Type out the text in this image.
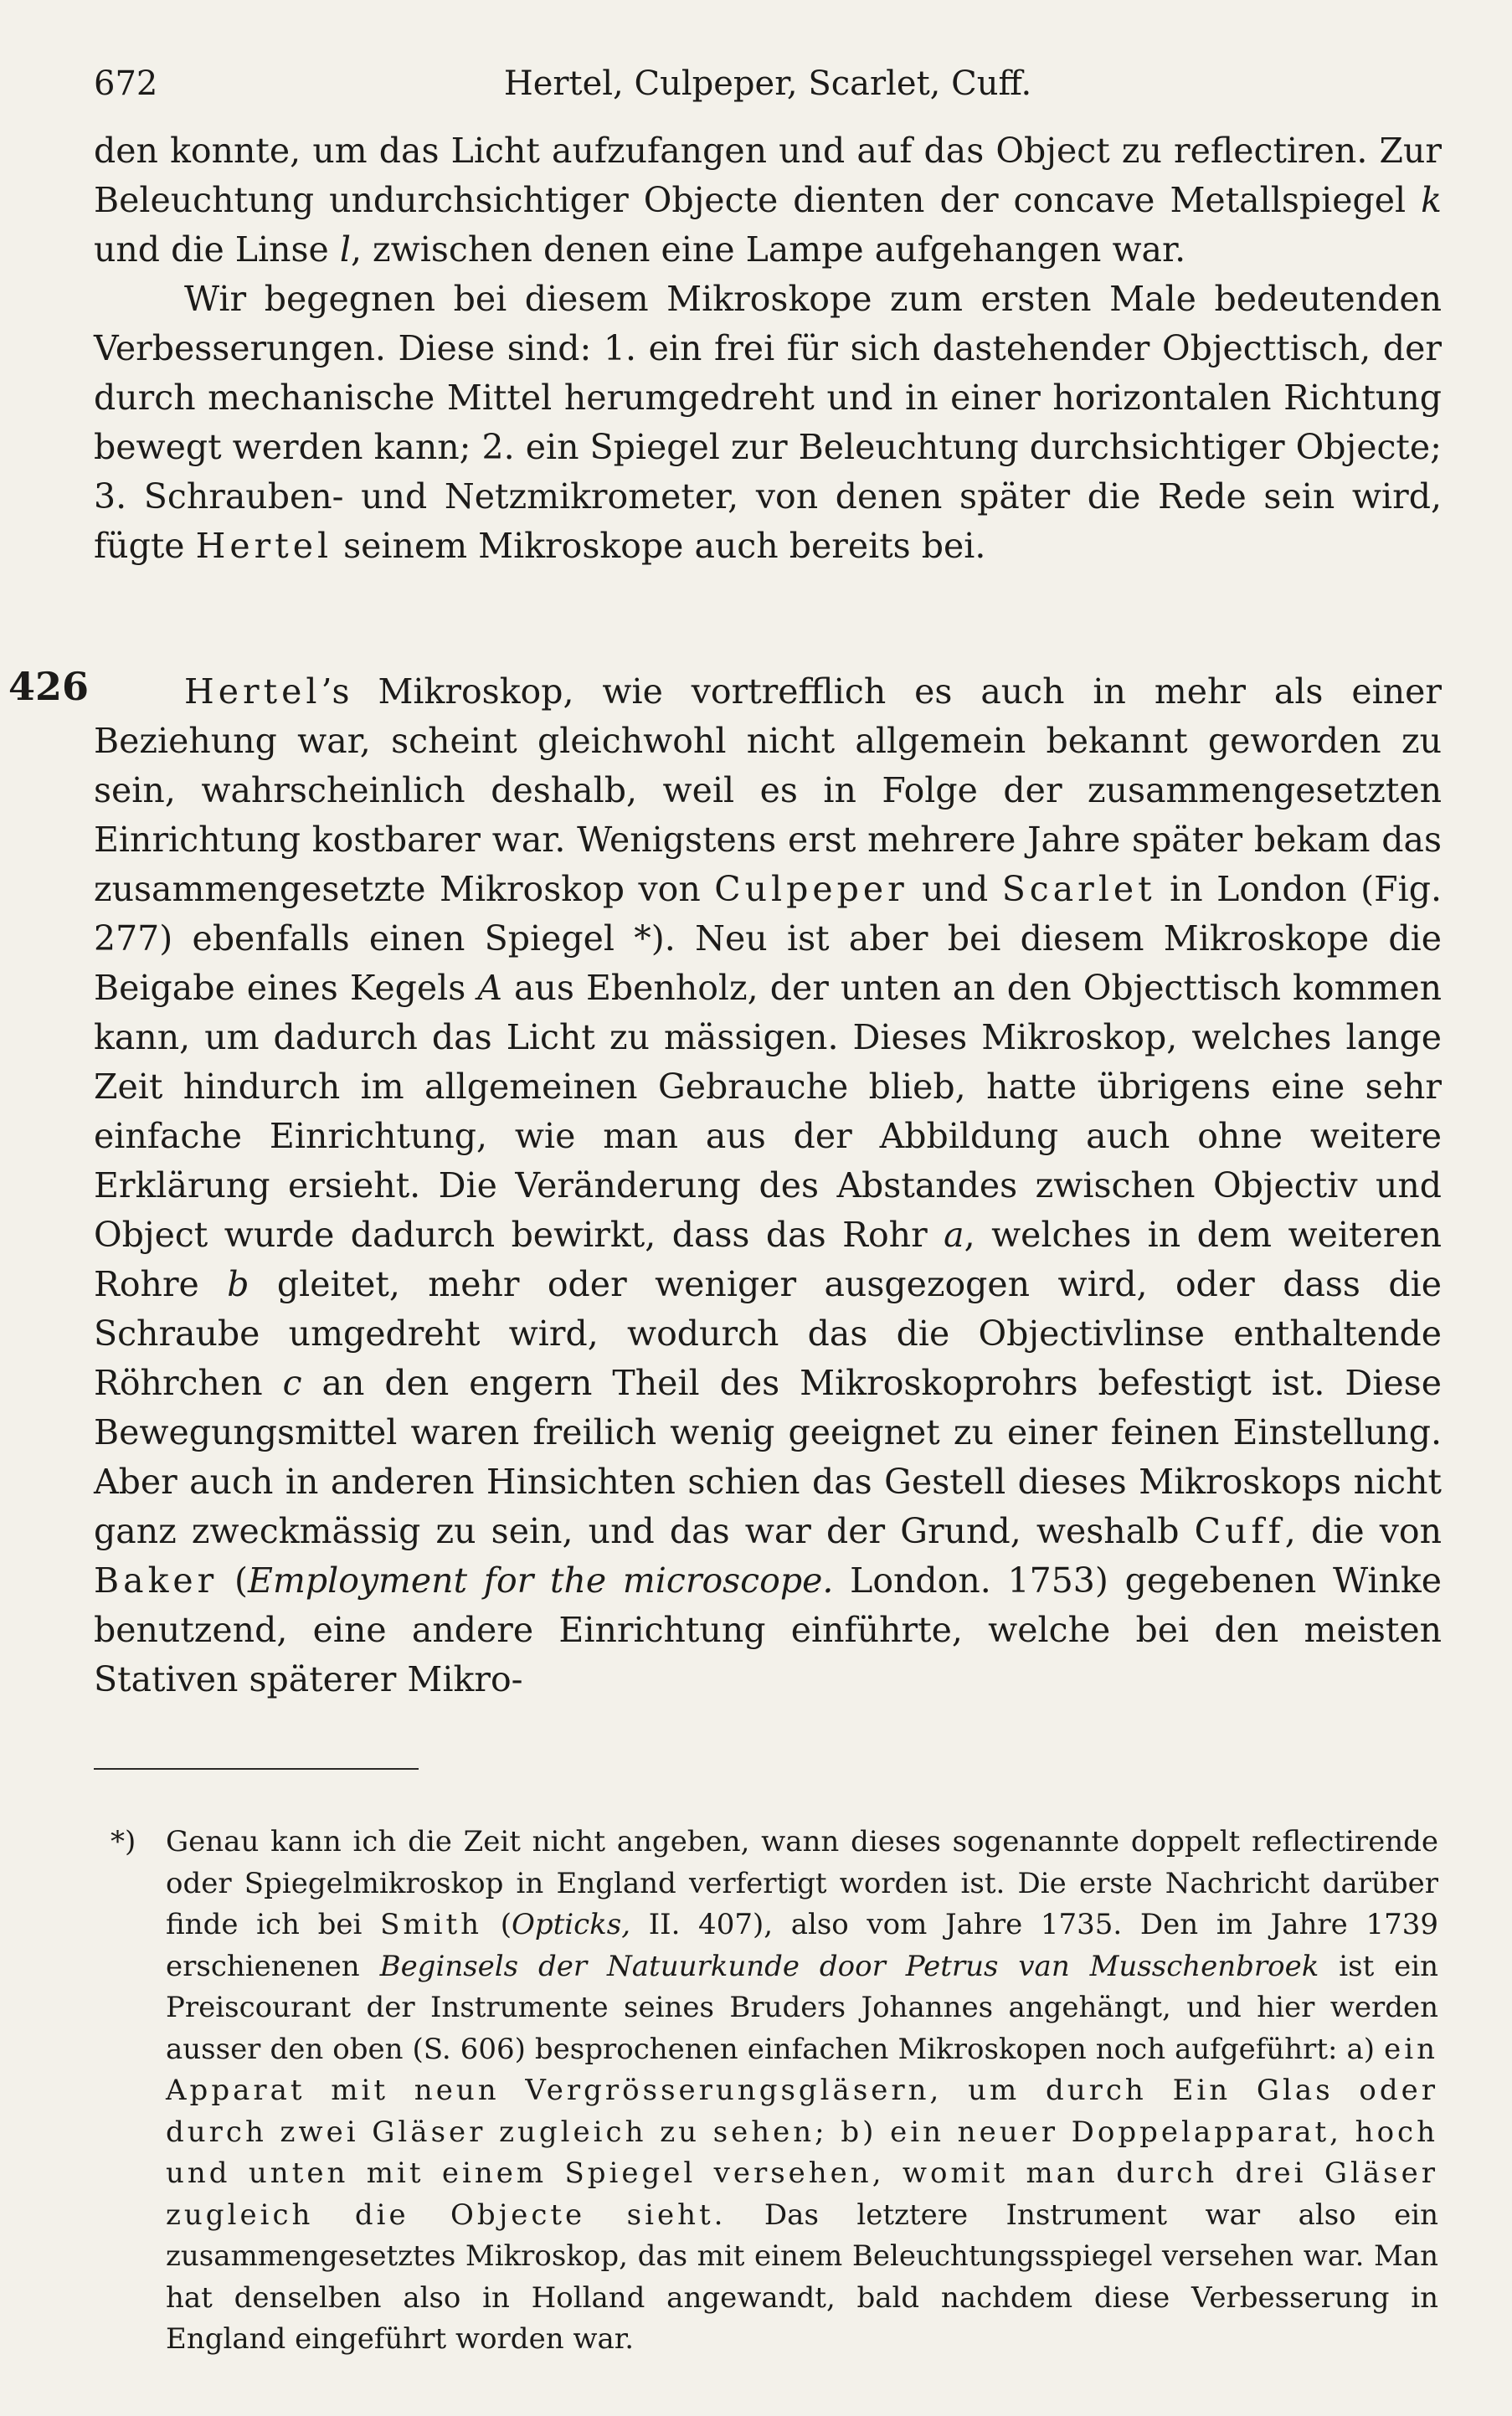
672	Hertel, Culpeper, Scarlet, Cuff.

den konnte, um das Licht aufzufangen und auf das Object zu reflectiren. Zur Beleuchtung undurchsichtiger Objecte dienten der concave Metallspiegel k und die Linse l, zwischen denen eine Lampe aufgehangen war.

Wir begegnen bei diesem Mikroskope zum ersten Male bedeutenden Verbesserungen. Diese sind: 1. ein frei für sich dastehender Objecttisch, der durch mechanische Mittel herumgedreht und in einer horizontalen Richtung bewegt werden kann; 2. ein Spiegel zur Beleuchtung durchsichtiger Objecte; 3. Schrauben- und Netzmikrometer, von denen später die Rede sein wird, fügte Hertel seinem Mikroskope auch bereits bei.

426	Hertel’s Mikroskop, wie vortrefflich es auch in mehr als einer Beziehung war, scheint gleichwohl nicht allgemein bekannt geworden zu sein, wahrscheinlich deshalb, weil es in Folge der zusammengesetzten Einrichtung kostbarer war. Wenigstens erst mehrere Jahre später bekam das zusammengesetzte Mikroskop von Culpeper und Scarlet in London (Fig. 277) ebenfalls einen Spiegel *). Neu ist aber bei diesem Mikroskope die Beigabe eines Kegels A aus Ebenholz, der unten an den Objecttisch kommen kann, um dadurch das Licht zu mässigen. Dieses Mikroskop, welches lange Zeit hindurch im allgemeinen Gebrauche blieb, hatte übrigens eine sehr einfache Einrichtung, wie man aus der Abbildung auch ohne weitere Erklärung ersieht. Die Veränderung des Abstandes zwischen Objectiv und Object wurde dadurch bewirkt, dass das Rohr a, welches in dem weiteren Rohre b gleitet, mehr oder weniger ausgezogen wird, oder dass die Schraube umgedreht wird, wodurch das die Objectivlinse enthaltende Röhrchen c an den engern Theil des Mikroskoprohrs befestigt ist. Diese Bewegungsmittel waren freilich wenig geeignet zu einer feinen Einstellung. Aber auch in anderen Hinsichten schien das Gestell dieses Mikroskops nicht ganz zweckmässig zu sein, und das war der Grund, weshalb Cuff, die von Baker (Employment for the microscope. London. 1753) gegebenen Winke benutzend, eine andere Einrichtung einführte, welche bei den meisten Stativen späterer Mikro-

*)	Genau kann ich die Zeit nicht angeben, wann dieses sogenannte doppelt reflectirende oder Spiegelmikroskop in England verfertigt worden ist. Die erste Nachricht darüber finde ich bei Smith (Opticks, II. 407), also vom Jahre 1735. Den im Jahre 1739 erschienenen Beginsels der Natuurkunde door Petrus van Musschenbroek ist ein Preiscourant der Instrumente seines Bruders Johannes angehängt, und hier werden ausser den oben (S. 606) besprochenen einfachen Mikroskopen noch aufgeführt: a) ein Apparat mit neun Vergrösserungsgläsern, um durch Ein Glas oder durch zwei Gläser zugleich zu sehen; b) ein neuer Doppelapparat, hoch und unten mit einem Spiegel versehen, womit man durch drei Gläser zugleich die Objecte sieht. Das letztere Instrument war also ein zusammengesetztes Mikroskop, das mit einem Beleuchtungsspiegel versehen war. Man hat denselben also in Holland angewandt, bald nachdem diese Verbesserung in England eingeführt worden war.
